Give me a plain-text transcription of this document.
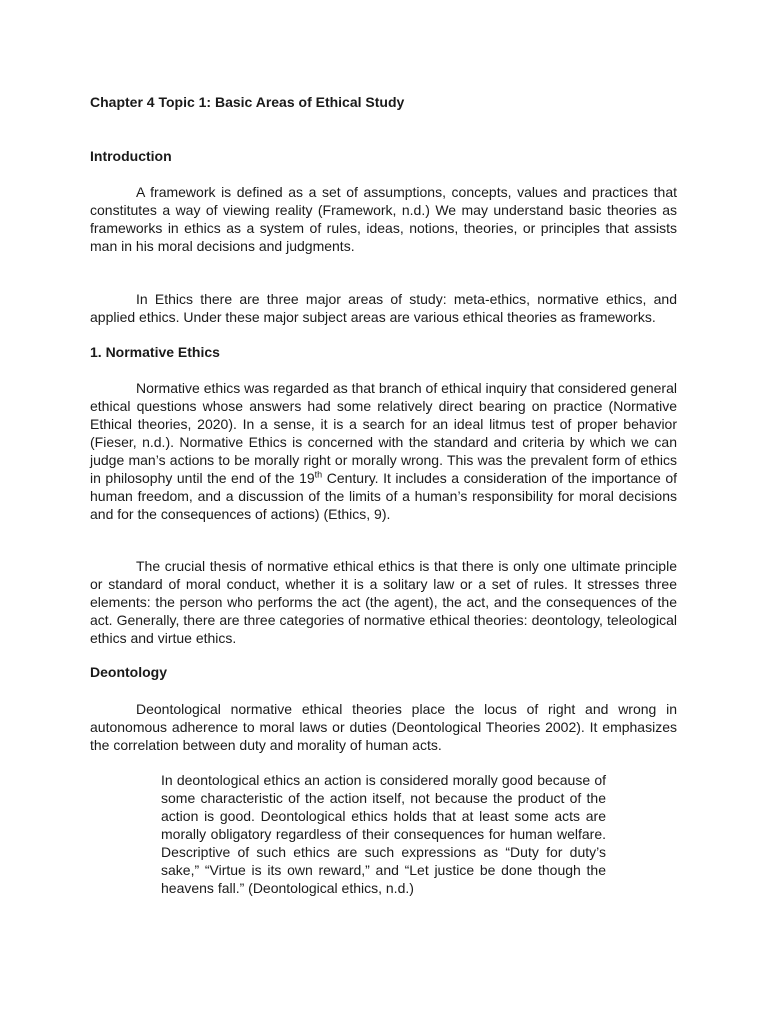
Chapter 4 Topic 1: Basic Areas of Ethical Study

Introduction

A framework is defined as a set of assumptions, concepts, values and practices that constitutes a way of viewing reality (Framework, n.d.) We may understand basic theories as frameworks in ethics as a system of rules, ideas, notions, theories, or principles that assists man in his moral decisions and judgments.

In Ethics there are three major areas of study: meta-ethics, normative ethics, and applied ethics. Under these major subject areas are various ethical theories as frameworks.

1. Normative Ethics

Normative ethics was regarded as that branch of ethical inquiry that considered general ethical questions whose answers had some relatively direct bearing on practice (Normative Ethical theories, 2020). In a sense, it is a search for an ideal litmus test of proper behavior (Fieser, n.d.). Normative Ethics is concerned with the standard and criteria by which we can judge man’s actions to be morally right or morally wrong. This was the prevalent form of ethics in philosophy until the end of the 19th Century. It includes a consideration of the importance of human freedom, and a discussion of the limits of a human’s responsibility for moral decisions and for the consequences of actions) (Ethics, 9).

The crucial thesis of normative ethical ethics is that there is only one ultimate principle or standard of moral conduct, whether it is a solitary law or a set of rules. It stresses three elements: the person who performs the act (the agent), the act, and the consequences of the act. Generally, there are three categories of normative ethical theories: deontology, teleological ethics and virtue ethics.

Deontology

Deontological normative ethical theories place the locus of right and wrong in autonomous adherence to moral laws or duties (Deontological Theories 2002). It emphasizes the correlation between duty and morality of human acts.

In deontological ethics an action is considered morally good because of some characteristic of the action itself, not because the product of the action is good. Deontological ethics holds that at least some acts are morally obligatory regardless of their consequences for human welfare. Descriptive of such ethics are such expressions as “Duty for duty’s sake,” “Virtue is its own reward,” and “Let justice be done though the heavens fall.” (Deontological ethics, n.d.)
